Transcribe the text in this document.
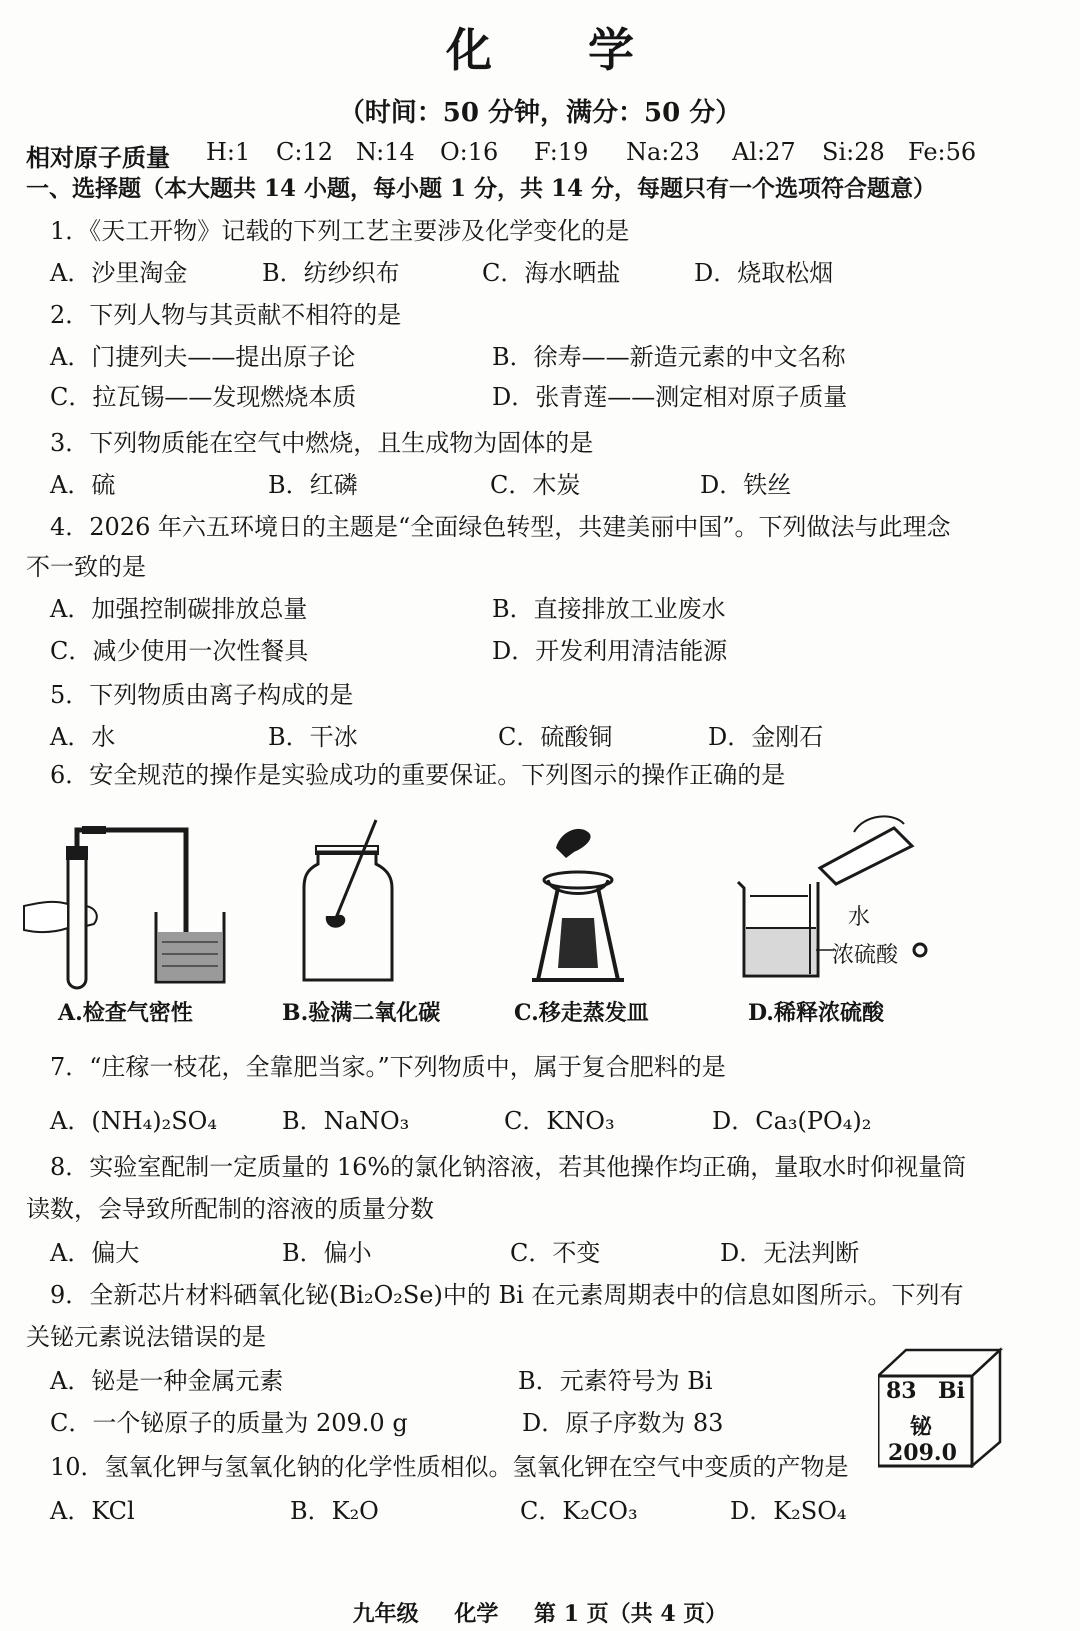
化 学
（时间：50 分钟，满分：50 分）
相对原子质量 H:1 C:12 N:14 O:16 F:19 Na:23 Al:27 Si:28 Fe:56
一、选择题（本大题共 14 小题，每小题 1 分，共 14 分，每题只有一个选项符合题意）
1．《天工开物》记载的下列工艺主要涉及化学变化的是
A．沙里淘金	B．纺纱织布	C．海水晒盐	D．烧取松烟
2．下列人物与其贡献不相符的是
A．门捷列夫——提出原子论	B．徐寿——新造元素的中文名称
C．拉瓦锡——发现燃烧本质	D．张青莲——测定相对原子质量
3．下列物质能在空气中燃烧，且生成物为固体的是
A．硫	B．红磷	C．木炭	D．铁丝
4．2026 年六五环境日的主题是“全面绿色转型，共建美丽中国”。下列做法与此理念
不一致的是
A．加强控制碳排放总量	B．直接排放工业废水
C．减少使用一次性餐具	D．开发利用清洁能源
5．下列物质由离子构成的是
A．水	B．干冰	C．硫酸铜	D．金刚石
6．安全规范的操作是实验成功的重要保证。下列图示的操作正确的是
水
浓硫酸
A.检查气密性	B.验满二氧化碳	C.移走蒸发皿	D.稀释浓硫酸
7．“庄稼一枝花，全靠肥当家。”下列物质中，属于复合肥料的是
A．(NH₄)₂SO₄	B．NaNO₃	C．KNO₃	D．Ca₃(PO₄)₂
8．实验室配制一定质量的 16%的氯化钠溶液，若其他操作均正确，量取水时仰视量筒
读数，会导致所配制的溶液的质量分数
A．偏大	B．偏小	C．不变	D．无法判断
9．全新芯片材料硒氧化铋(Bi₂O₂Se)中的 Bi 在元素周期表中的信息如图所示。下列有
关铋元素说法错误的是
A．铋是一种金属元素	B．元素符号为 Bi
C．一个铋原子的质量为 209.0 g	D．原子序数为 83
83 Bi
铋
209.0
10．氢氧化钾与氢氧化钠的化学性质相似。氢氧化钾在空气中变质的产物是
A．KCl	B．K₂O	C．K₂CO₃	D．K₂SO₄
九年级 化学 第 1 页（共 4 页）
